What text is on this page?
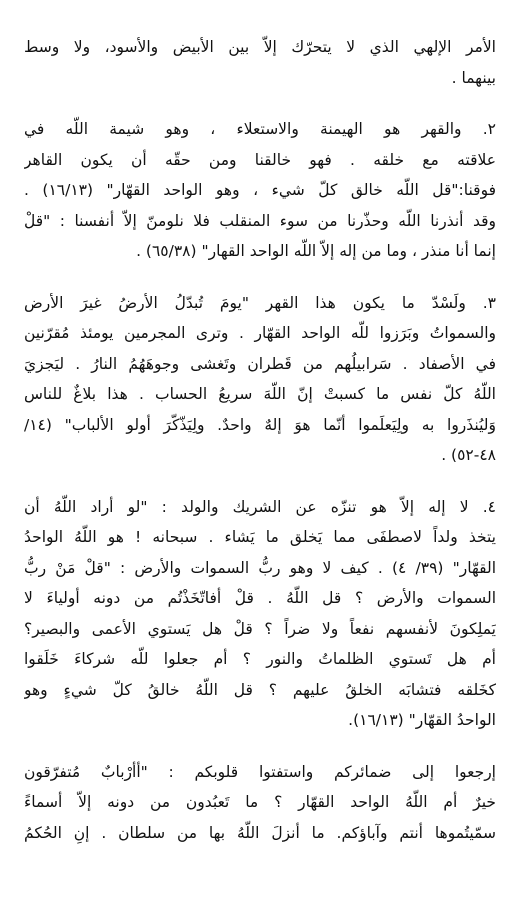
الأمر الإلهي الذي لا يتحرّك إلاّ بين الأبيض والأسود، ولا وسط
بينهما .

٢. والقهر هو الهيمنة والاستعلاء ، وهو شيمة اللّه في
علاقته مع خلقه . فهو خالقنا ومن حقّه أن يكون القاهر
فوقنا:"قل اللّه خالق كلّ شيء ، وهو الواحد القهّار" (١٦/١٣) .
وقد أنذرنا اللّه وحذّرنا من سوء المنقلب فلا نلومنّ إلاّ أنفسنا : "قلْ
إنما أنا منذر ، وما من إله إلاّ اللّه الواحد القهار" (٦٥/٣٨) .

٣. ولَسْدّ ما يكون هذا القهر "يومَ تُبدّلُ الأرضُ غيرَ الأرض
والسمواتُ وبَرَزوا للّه الواحد القهّار . وترى المجرمين يومئذ مُقرّنين
في الأصفاد . سَرابيلُهم من قَطران وتَغشى وجوهَهُمُ النارُ . ليَجزيَ
اللّهُ كلّ نفس ما كسبتْ إنّ اللّهَ سريعُ الحساب . هذا بلاغٌ للناس
وَليُنذَروا به ولِيَعلَموا أنّما هوَ إلهٌ واحدٌ. ولِيَذّكّرَ أولو الألباب" (١٤/
٤٨-٥٢) .

٤. لا إله إلاّ هو تنزّه عن الشريك والولد : "لو أراد اللّهُ أن
يتخذ ولداً لاصطفَى مما يَخلق ما يَشاء . سبحانه ! هو اللّهُ الواحدُ
القهّار" (٣٩/ ٤) . كيف لا وهو ربُّ السموات والأرض : "قلْ مَنْ ربُّ
السموات والأرض ؟ قل اللّهُ . قلْ أفاتّخَذْتُم من دونه أولياءَ لا
يَملِكونَ لأنفسهم نفعاً ولا ضراً ؟ قلْ هل يَستوي الأعمى والبصير؟
أم هل تَستوي الظلماتُ والنور ؟ أم جعلوا للّه شركاءَ خَلَقوا
كخَلقه فتشابَه الخلقُ عليهم ؟ قل اللّهُ خالقُ كلّ شيءٍ وهو
الواحدُ القهّار" (١٦/١٣).

إرجعوا إلى ضمائركم واستفتوا قلوبكم : "أأرْبابٌ مُتفرّقون
خيرٌ أم اللّهُ الواحد القهّار ؟ ما تَعبُدون من دونه إلاّ أسماءً
سمّيتُموها أنتم وآباؤكم. ما أنزلَ اللّهُ بها من سلطان . إنِ الحُكمُ
